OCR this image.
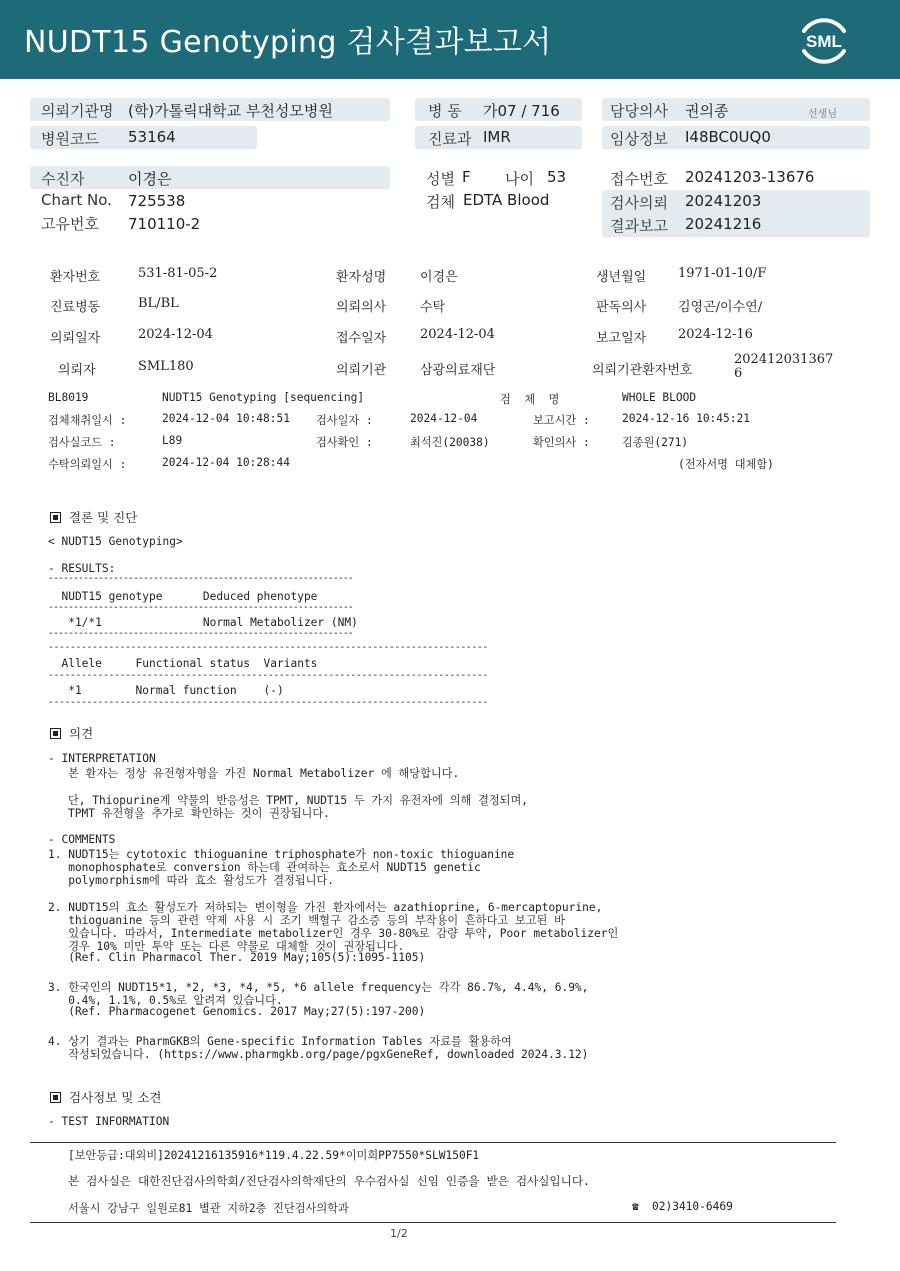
NUDT15 Genotyping 검사결과보고서	SML
의뢰기관명 (학)가톨릭대학교 부천성모병원
병원코드 53164
병 동 가07 / 716
진료과 IMR
담당의사 권의종	선생님
임상정보 I48BC0UQ0
수진자	이경은
Chart No. 725538
고유번호 710110-2
성별 F 나이 53
검체 EDTA Blood
접수번호 20241203-13676
검사의뢰 20241203
결과보고 20241216
환자번호	531-81-05-2	환자성명	이경은	생년월일 1971-01-10/F
진료병동	BL/BL	의뢰의사	수탁	판독의사 김영곤/이수연/
의뢰일자	2024-12-04	접수일자	2024-12-04	보고일자 2024-12-16
의뢰자	SML180	의뢰기관	삼광의료재단	의뢰기관환자번호
202412031367
6
BL8019	NUDT15 Genotyping [sequencing]	검  체  명	WHOLE BLOOD
검체채취일시 :	2024-12-04 10:48:51 검사일자 :	2024-12-04	보고시간 :	2024-12-16 10:45:21
검사실코드 :	L89	검사확인 :	최석진(20038)	확인의사 :	김종원(271)
수탁의뢰일시 :	2024-12-04 10:28:44	(전자서명 대체함)
결론 및 진단
< NUDT15 Genotyping>
- RESULTS:
-------------------------------------------------------------
NUDT15 genotype      Deduced phenotype
-------------------------------------------------------------
*1/*1               Normal Metabolizer (NM)
-------------------------------------------------------------
--------------------------------------------------------------------------------
Allele     Functional status  Variants
--------------------------------------------------------------------------------
*1        Normal function    (-)
--------------------------------------------------------------------------------
의견
- INTERPRETATION
본 환자는 정상 유전형자형을 가진 Normal Metabolizer 에 해당합니다.
단, Thiopurine계 약물의 반응성은 TPMT, NUDT15 두 가지 유전자에 의해 결정되며,
TPMT 유전형을 추가로 확인하는 것이 권장됩니다.
- COMMENTS
1. NUDT15는 cytotoxic thioguanine triphosphate가 non-toxic thioguanine
monophosphate로 conversion 하는데 관여하는 효소로서 NUDT15 genetic
polymorphism에 따라 효소 활성도가 결정됩니다.
2. NUDT15의 효소 활성도가 저하되는 변이형을 가진 환자에서는 azathioprine, 6-mercaptopurine,
thioguanine 등의 관련 약제 사용 시 조기 백혈구 감소증 등의 부작용이 흔하다고 보고된 바
있습니다. 따라서, Intermediate metabolizer인 경우 30-80%로 감량 투약, Poor metabolizer인
경우 10% 미만 투약 또는 다른 약물로 대체할 것이 권장됩니다.
(Ref. Clin Pharmacol Ther. 2019 May;105(5):1095-1105)
3. 한국인의 NUDT15*1, *2, *3, *4, *5, *6 allele frequency는 각각 86.7%, 4.4%, 6.9%,
0.4%, 1.1%, 0.5%로 알려져 있습니다.
(Ref. Pharmacogenet Genomics. 2017 May;27(5):197-200)
4. 상기 결과는 PharmGKB의 Gene-specific Information Tables 자료를 활용하여
작성되었습니다. (https://www.pharmgkb.org/page/pgxGeneRef, downloaded 2024.3.12)
검사정보 및 소견
- TEST INFORMATION
[보안등급:대외비]20241216135916*119.4.22.59*이미희PP7550*SLW150F1
본 검사실은 대한진단검사의학회/진단검사의학재단의 우수검사실 신임 인증을 받은 검사실입니다.
서울시 강남구 일원로81 별관 지하2층 진단검사의학과	☎ 02)3410-6469
1/2
